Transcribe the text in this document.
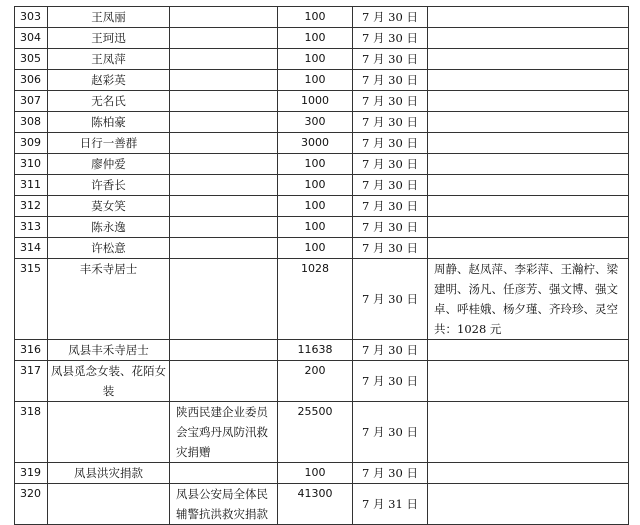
303	王凤丽		100	7 月 30 日	
304	王珂迅		100	7 月 30 日	
305	王凤萍		100	7 月 30 日	
306	赵彩英		100	7 月 30 日	
307	无名氏		1000	7 月 30 日	
308	陈柏豪		300	7 月 30 日	
309	日行一善群		3000	7 月 30 日	
310	廖仲爱		100	7 月 30 日	
311	许香长		100	7 月 30 日	
312	莫女笑		100	7 月 30 日	
313	陈永逸		100	7 月 30 日	
314	许松意		100	7 月 30 日	
315	丰禾寺居士		1028	7 月 30 日	周静、赵凤萍、李彩萍、王瀚柠、梁建明、汤凡、任彦芳、强文博、强文卓、呼桂娥、杨夕瑾、齐玲珍、灵空共：1028 元
316	凤县丰禾寺居士		11638	7 月 30 日	
317	凤县觅念女装、花陌女装		200	7 月 30 日	
318		陕西民建企业委员会宝鸡丹凤防汛救灾捐赠	25500	7 月 30 日	
319	凤县洪灾捐款		100	7 月 30 日	
320		凤县公安局全体民辅警抗洪救灾捐款	41300	7 月 31 日	
